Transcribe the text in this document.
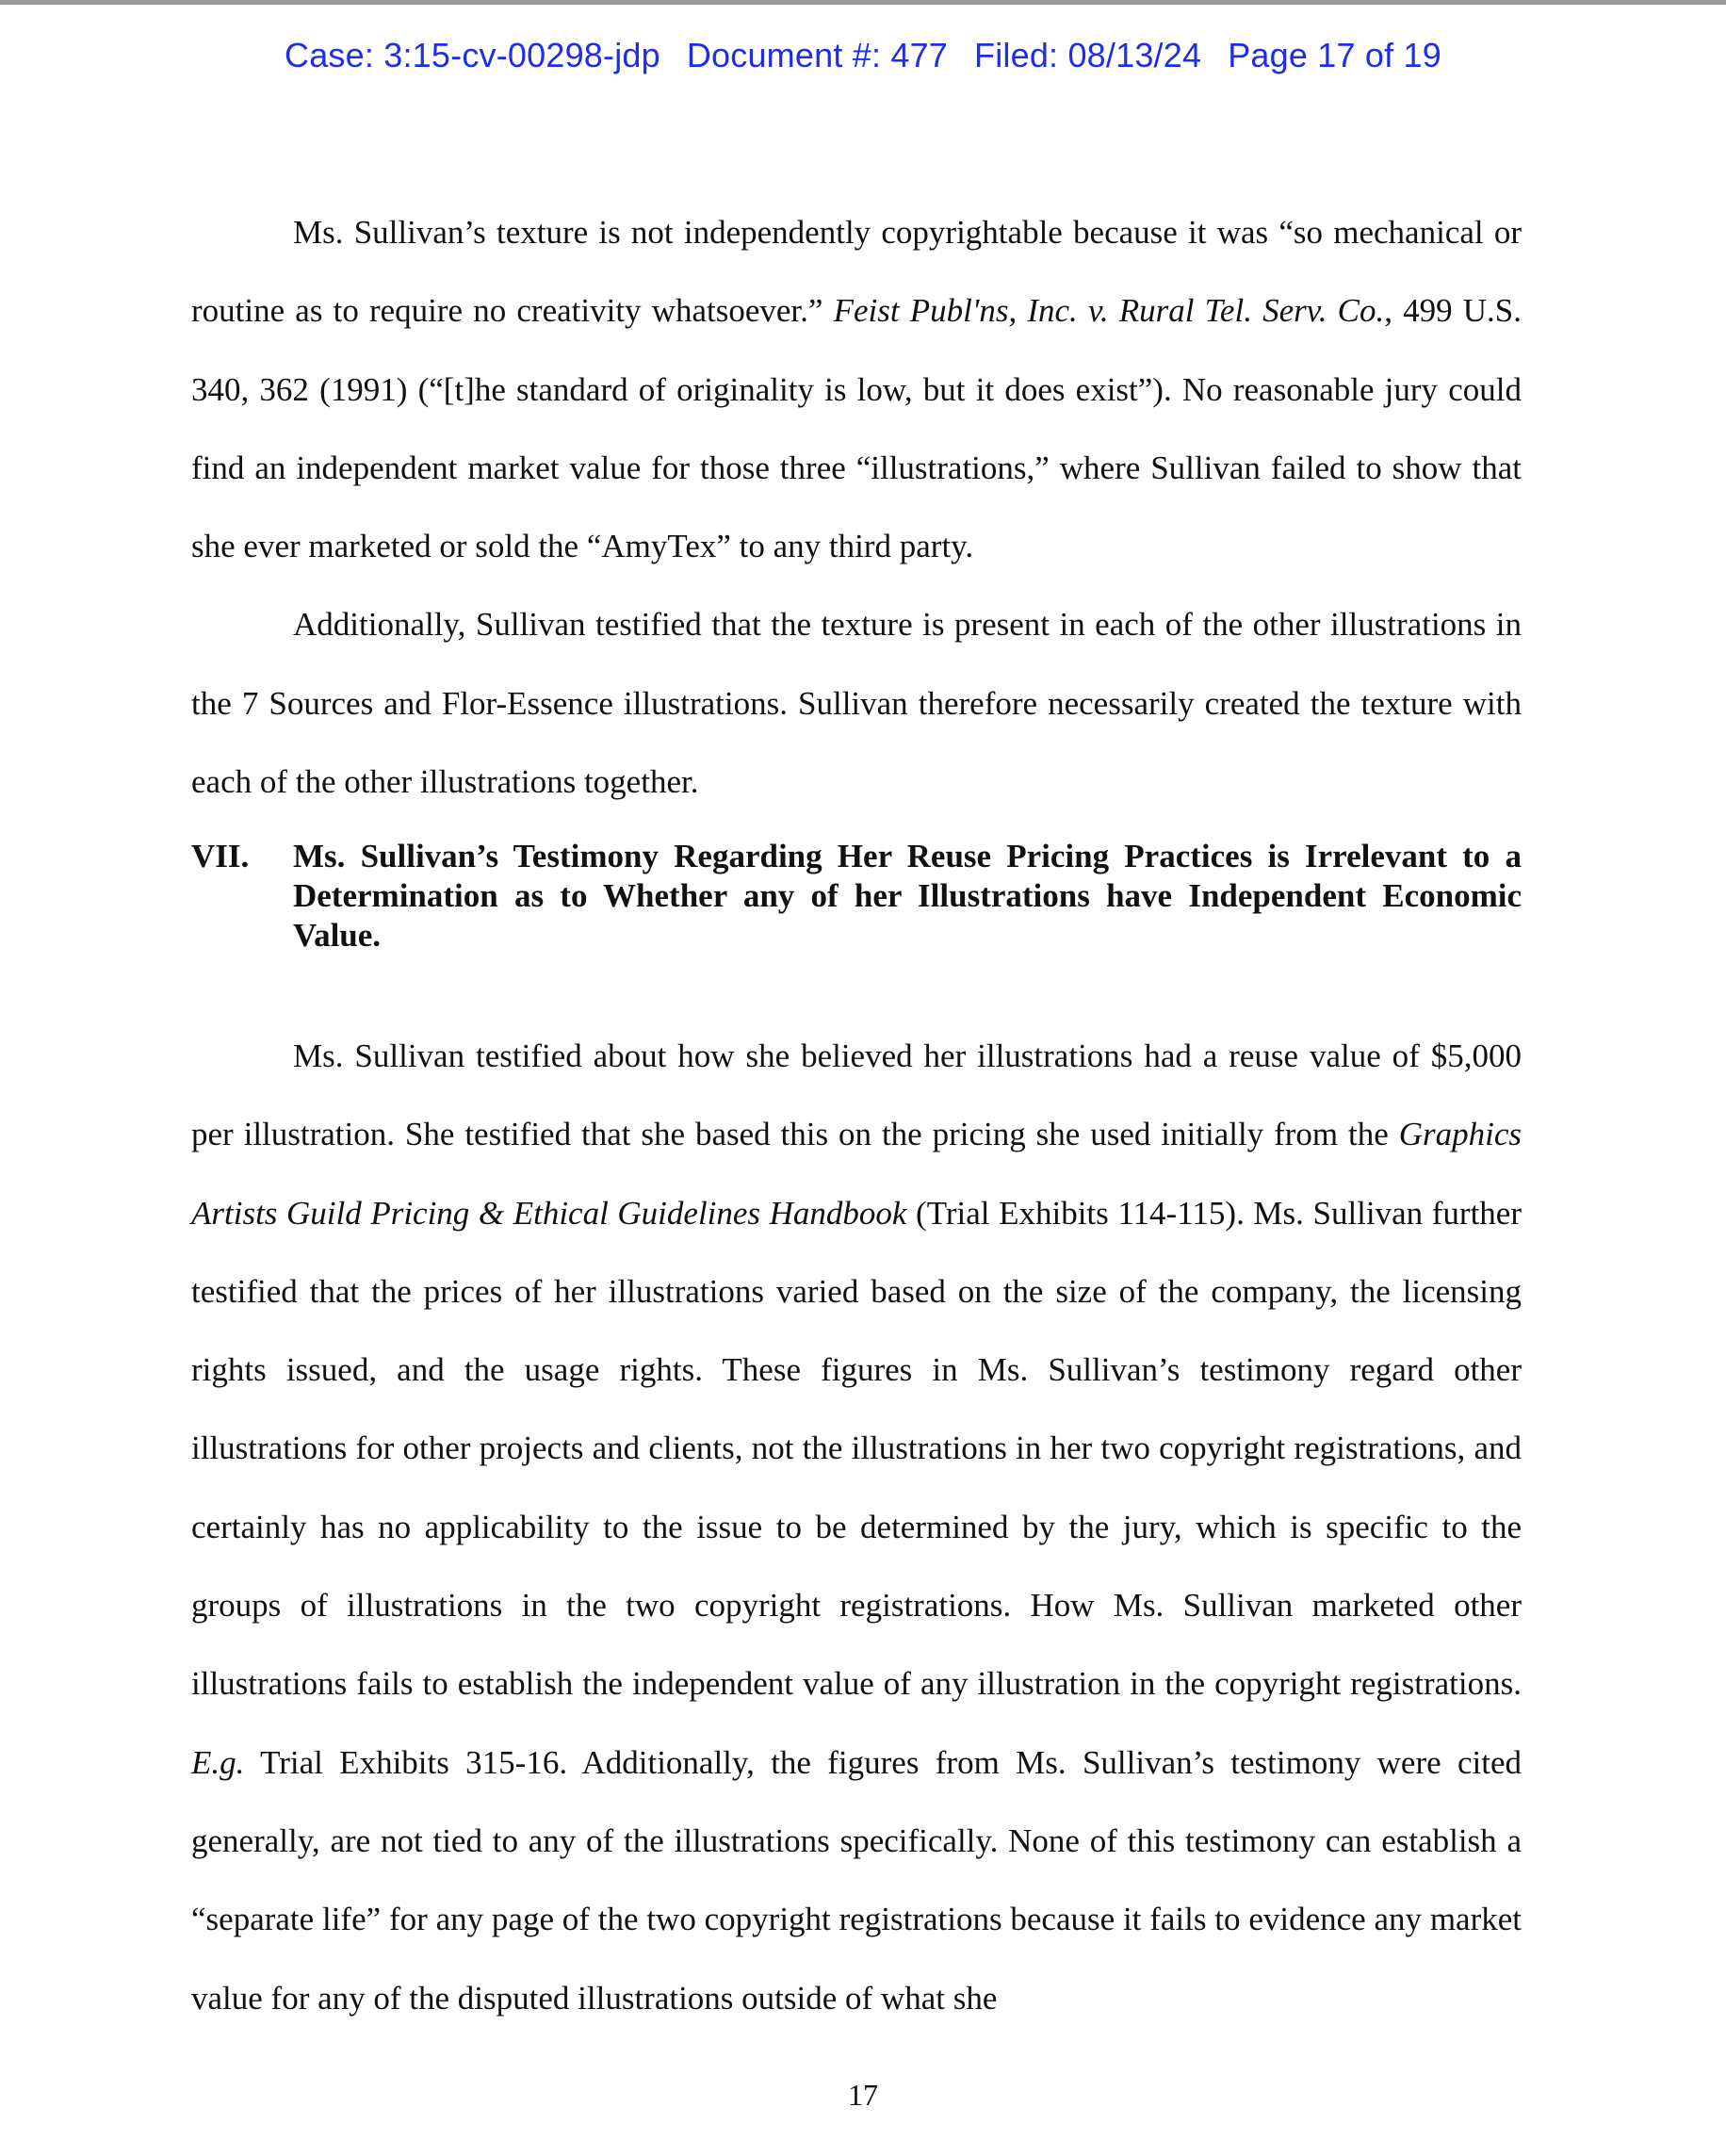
Case: 3:15-cv-00298-jdp Document #: 477 Filed: 08/13/24 Page 17 of 19

Ms. Sullivan’s texture is not independently copyrightable because it was “so mechanical or routine as to require no creativity whatsoever.” Feist Publ'ns, Inc. v. Rural Tel. Serv. Co., 499 U.S. 340, 362 (1991) (“[t]he standard of originality is low, but it does exist”). No reasonable jury could find an independent market value for those three “illustrations,” where Sullivan failed to show that she ever marketed or sold the “AmyTex” to any third party.

Additionally, Sullivan testified that the texture is present in each of the other illustrations in the 7 Sources and Flor-Essence illustrations. Sullivan therefore necessarily created the texture with each of the other illustrations together.

VII. Ms. Sullivan’s Testimony Regarding Her Reuse Pricing Practices is Irrelevant to a Determination as to Whether any of her Illustrations have Independent Economic Value.

Ms. Sullivan testified about how she believed her illustrations had a reuse value of $5,000 per illustration. She testified that she based this on the pricing she used initially from the Graphics Artists Guild Pricing & Ethical Guidelines Handbook (Trial Exhibits 114-115). Ms. Sullivan further testified that the prices of her illustrations varied based on the size of the company, the licensing rights issued, and the usage rights. These figures in Ms. Sullivan’s testimony regard other illustrations for other projects and clients, not the illustrations in her two copyright registrations, and certainly has no applicability to the issue to be determined by the jury, which is specific to the groups of illustrations in the two copyright registrations. How Ms. Sullivan marketed other illustrations fails to establish the independent value of any illustration in the copyright registrations. E.g. Trial Exhibits 315-16. Additionally, the figures from Ms. Sullivan’s testimony were cited generally, are not tied to any of the illustrations specifically. None of this testimony can establish a “separate life” for any page of the two copyright registrations because it fails to evidence any market value for any of the disputed illustrations outside of what she

17
